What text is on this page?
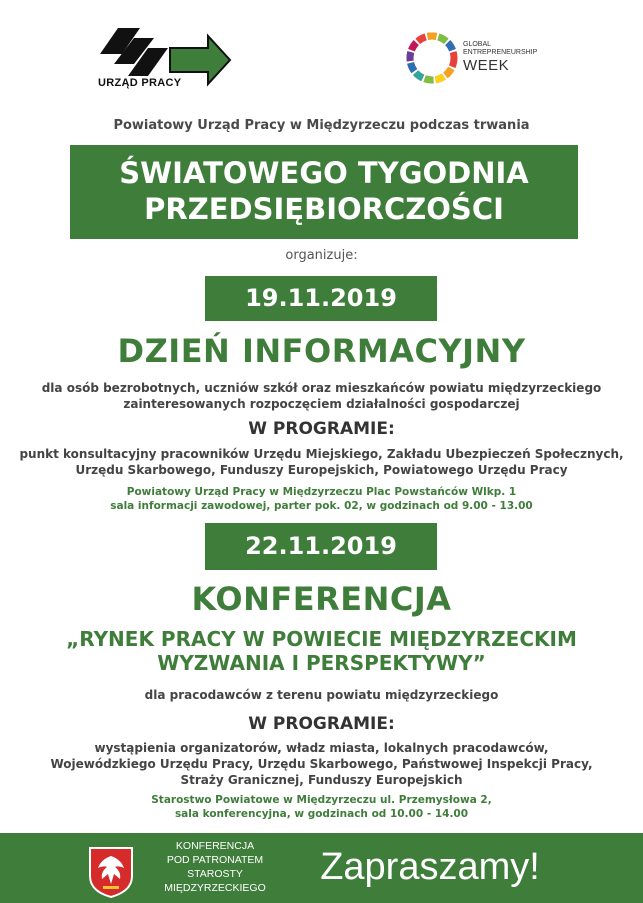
URZĄD PRACY
GLOBAL
ENTREPRENEURSHIP
WEEK
Powiatowy Urząd Pracy w Międzyrzeczu podczas trwania
ŚWIATOWEGO TYGODNIA
PRZEDSIĘBIORCZOŚCI
organizuje:
19.11.2019
DZIEŃ INFORMACYJNY
dla osób bezrobotnych, uczniów szkół oraz mieszkańców powiatu międzyrzeckiego
zainteresowanych rozpoczęciem działalności gospodarczej
W PROGRAMIE:
punkt konsultacyjny pracowników Urzędu Miejskiego, Zakładu Ubezpieczeń Społecznych,
Urzędu Skarbowego, Funduszy Europejskich, Powiatowego Urzędu Pracy
Powiatowy Urząd Pracy w Międzyrzeczu Plac Powstańców Wlkp. 1
sala informacji zawodowej, parter pok. 02, w godzinach od 9.00 - 13.00
22.11.2019
KONFERENCJA
„RYNEK PRACY W POWIECIE MIĘDZYRZECKIM
WYZWANIA I PERSPEKTYWY”
dla pracodawców z terenu powiatu międzyrzeckiego
W PROGRAMIE:
wystąpienia organizatorów, władz miasta, lokalnych pracodawców,
Wojewódzkiego Urzędu Pracy, Urzędu Skarbowego, Państwowej Inspekcji Pracy,
Straży Granicznej, Funduszy Europejskich
Starostwo Powiatowe w Międzyrzeczu ul. Przemysłowa 2,
sala konferencyjna, w godzinach od 10.00 - 14.00
KONFERENCJA
POD PATRONATEM
STAROSTY
MIĘDZYRZECKIEGO	Zapraszamy!
